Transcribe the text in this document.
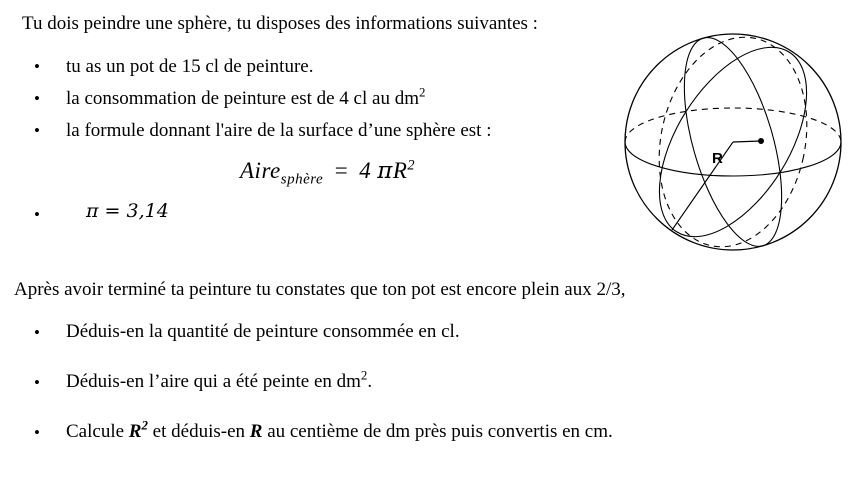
Tu dois peindre une sphère, tu disposes des informations suivantes :
•	tu as un pot de 15 cl de peinture.
•	la consommation de peinture est de 4 cl au $dm^2$
•	la formule donnant l'aire de la surface d’une sphère est :
Aire$_{sphère}$ = 4 $\pi R^2$
•	π = 3,14
Après avoir terminé ta peinture tu constates que ton pot est encore plein aux 2/3,
•	Déduis-en la quantité de peinture consommée en cl.
•	Déduis-en l’aire qui a été peinte en $dm^2$.
•	Calcule $R^2$ et déduis-en R au centième de dm près puis convertis en cm.
R
